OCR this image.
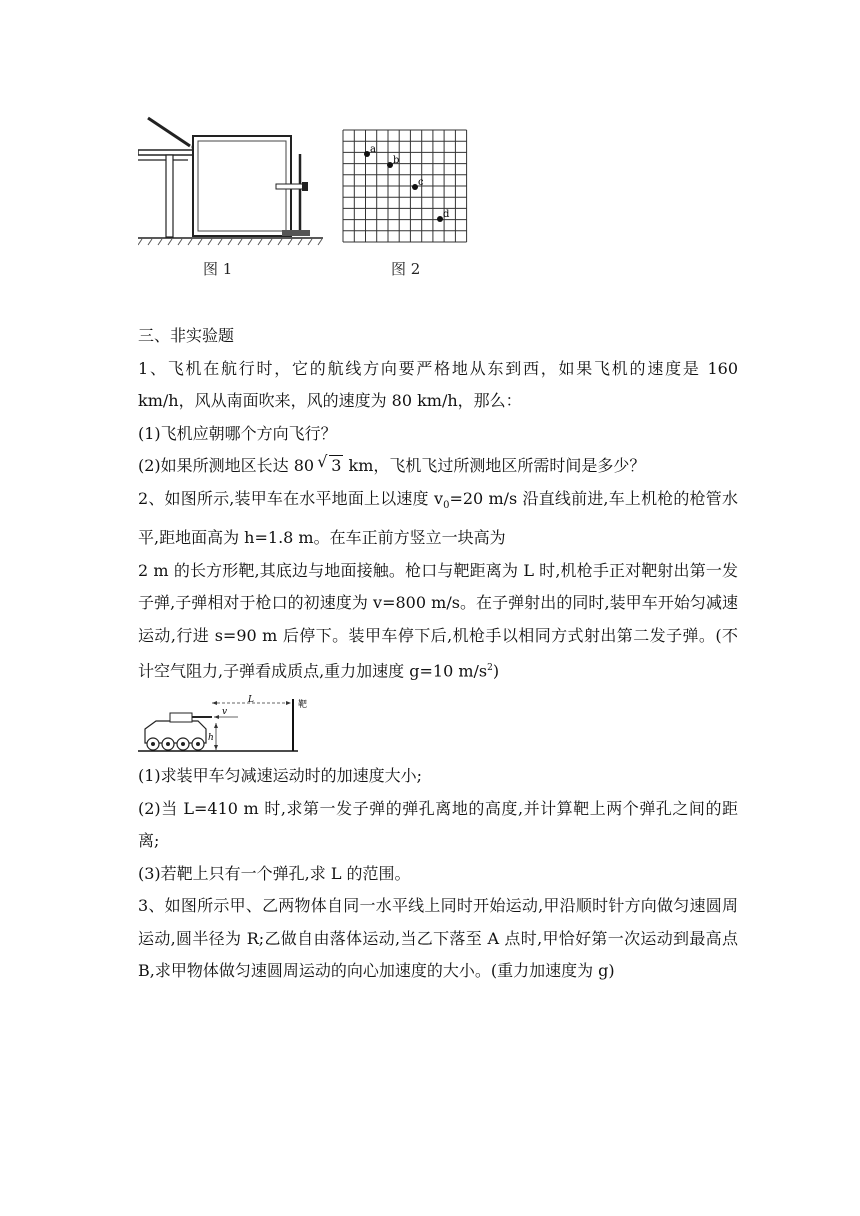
图 1
a
b
c
d
图 2

三、非实验题

1、飞机在航行时，它的航线方向要严格地从东到西，如果飞机的速度是 160 km/h，风从南面吹来，风的速度为 80 km/h，那么：

(1)飞机应朝哪个方向飞行？

(2)如果所测地区长达 80 √ 3 km，飞机飞过所测地区所需时间是多少？

2、如图所示,装甲车在水平地面上以速度 $v_0=20$ m/s 沿直线前进,车上机枪的枪管水平,距地面高为 h=1.8 m。在车正前方竖立一块高为

2 m 的长方形靶,其底边与地面接触。枪口与靶距离为 L 时,机枪手正对靶射出第一发子弹,子弹相对于枪口的初速度为 v=800 m/s。在子弹射出的同时,装甲车开始匀减速运动,行进 s=90 m 后停下。装甲车停下后,机枪手以相同方式射出第二发子弹。(不计空气阻力,子弹看成质点,重力加速度 g=10 $m/s^2$)

靶
L
v
h

(1)求装甲车匀减速运动时的加速度大小;

(2)当 L=410 m 时,求第一发子弹的弹孔离地的高度,并计算靶上两个弹孔之间的距离;

(3)若靶上只有一个弹孔,求 L 的范围。

3、如图所示甲、乙两物体自同一水平线上同时开始运动,甲沿顺时针方向做匀速圆周运动,圆半径为 R;乙做自由落体运动,当乙下落至 A 点时,甲恰好第一次运动到最高点 B,求甲物体做匀速圆周运动的向心加速度的大小。(重力加速度为 g)
